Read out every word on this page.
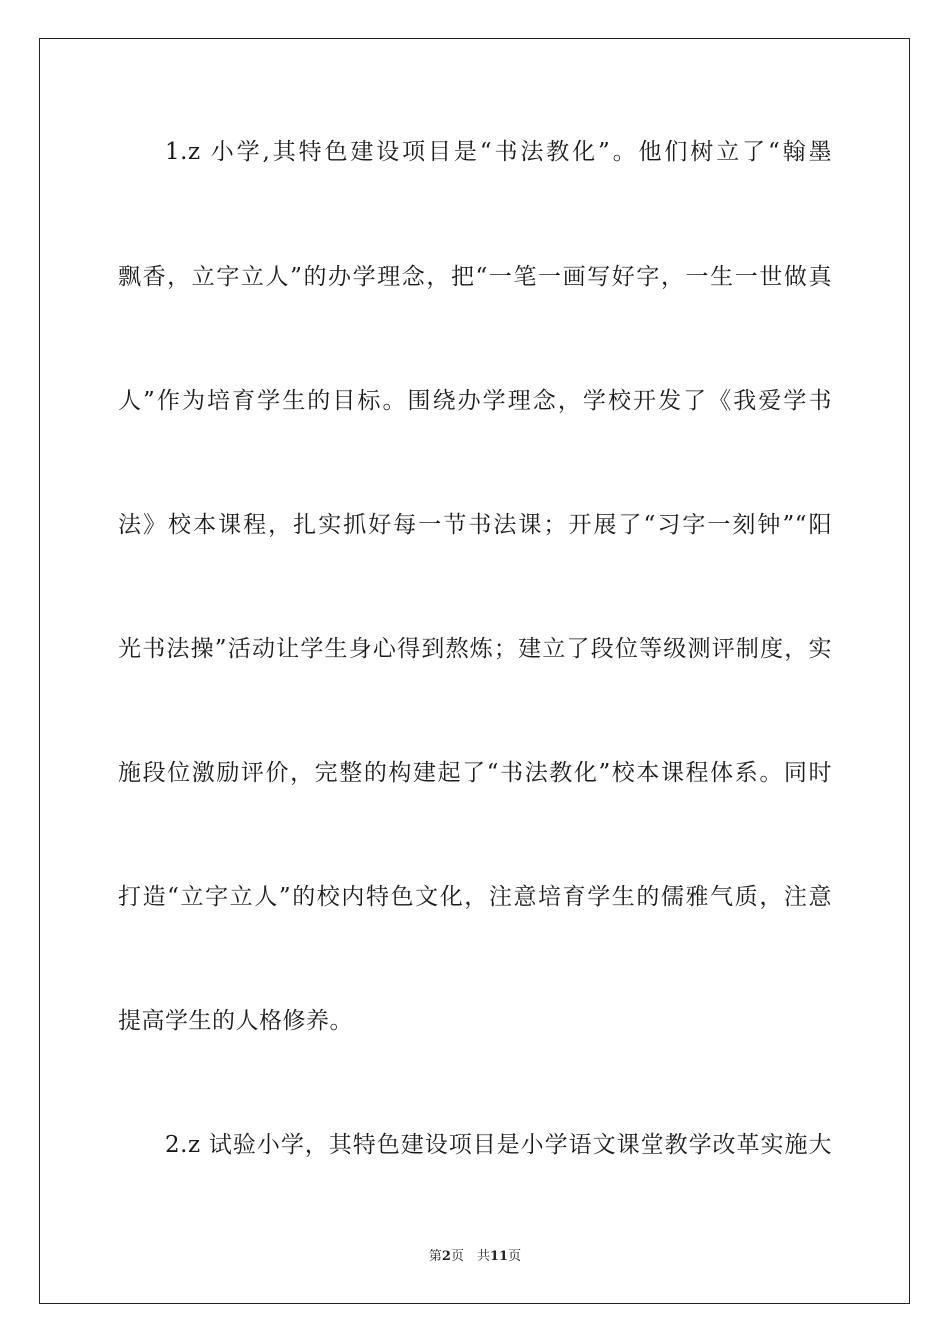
1.z 小学,其特色建设项目是“书法教化”。他们树立了“翰墨
飘香，立字立人”的办学理念，把“一笔一画写好字，一生一世做真
人”作为培育学生的目标。围绕办学理念，学校开发了《我爱学书
法》校本课程，扎实抓好每一节书法课；开展了“习字一刻钟”“阳
光书法操”活动让学生身心得到熬炼；建立了段位等级测评制度，实
施段位激励评价，完整的构建起了“书法教化”校本课程体系。同时
打造“立字立人”的校内特色文化，注意培育学生的儒雅气质，注意
提高学生的人格修养。
2.z 试验小学，其特色建设项目是小学语文课堂教学改革实施大
第2页　共11页
